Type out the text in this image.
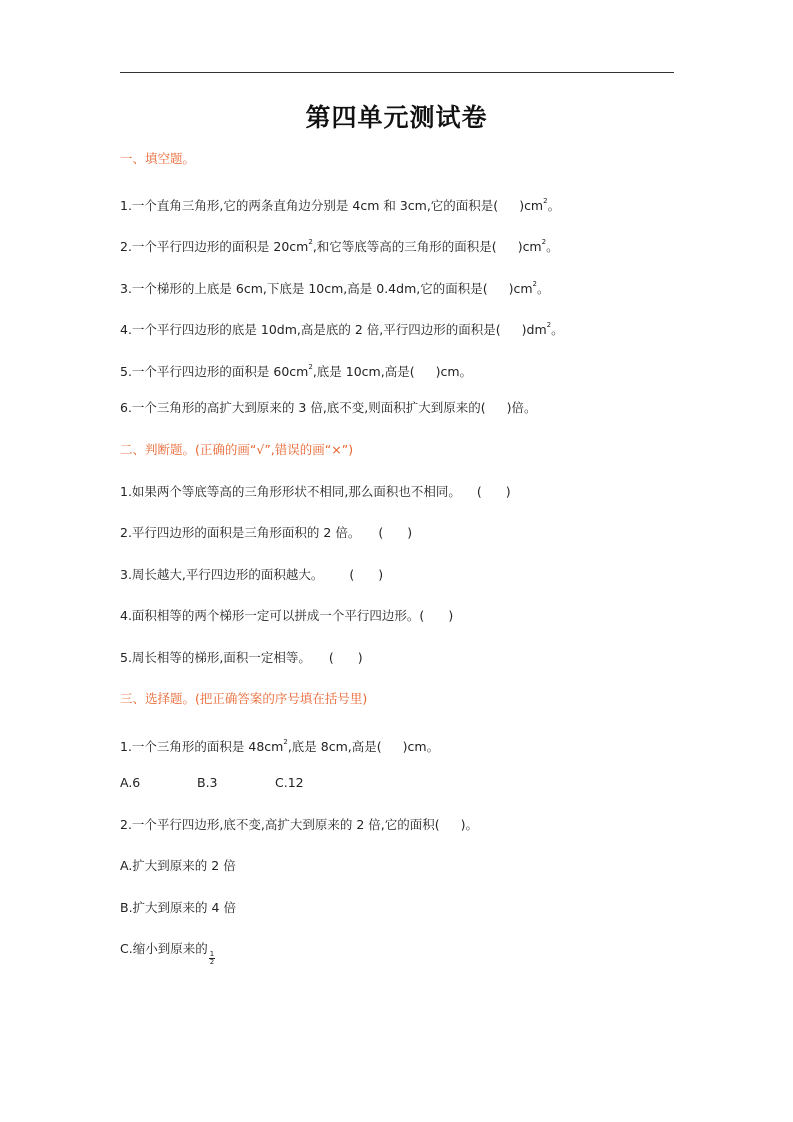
第四单元测试卷
一、填空题。
1.一个直角三角形,它的两条直角边分别是 4cm 和 3cm,它的面积是( )$cm^2$。
2.一个平行四边形的面积是 $20cm^2$,和它等底等高的三角形的面积是( )$cm^2$。
3.一个梯形的上底是 6cm,下底是 10cm,高是 0.4dm,它的面积是( )$cm^2$。
4.一个平行四边形的底是 10dm,高是底的 2 倍,平行四边形的面积是( )$dm^2$。
5.一个平行四边形的面积是 $60cm^2$,底是 10cm,高是( )cm。
6.一个三角形的高扩大到原来的 3 倍,底不变,则面积扩大到原来的( )倍。
二、判断题。(正确的画“√”,错误的画“×”)
1.如果两个等底等高的三角形形状不相同,那么面积也不相同。 ( )
2.平行四边形的面积是三角形面积的 2 倍。 ( )
3.周长越大,平行四边形的面积越大。 ( )
4.面积相等的两个梯形一定可以拼成一个平行四边形。( )
5.周长相等的梯形,面积一定相等。 ( )
三、选择题。(把正确答案的序号填在括号里)
1.一个三角形的面积是 $48cm^2$,底是 8cm,高是( )cm。
A.6	B.3	C.12
2.一个平行四边形,底不变,高扩大到原来的 2 倍,它的面积( )。
A.扩大到原来的 2 倍
B.扩大到原来的 4 倍
C.缩小到原来的
$\frac{1}{2}$
